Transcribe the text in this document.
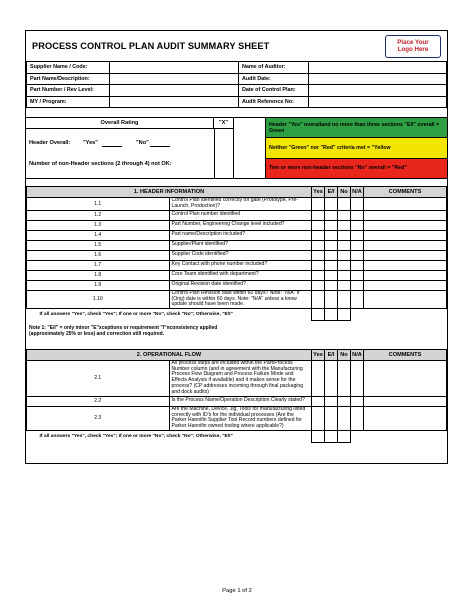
PROCESS CONTROL PLAN AUDIT SUMMARY SHEET	Place Your
Logo Here
Supplier Name / Code:		Name of Auditor:	
Part Name/Description:		Audit Date:	
Part Number / Rev Level:		Date of Control Plan:	
MY / Program:		Audit Reference No:	
Overall Rating	"X"
Header Overall: "Yes"	"No"
Number of non-Header sections (2 through 4) not OK:
Header "Yes" overalland no more than three sections "E/I" overall = Green
Neither "Green" nor "Red" criteria met = "Yellow
Two or more non-header sections "No" overall = "Red"
1. HEADER INFORMATION		Yes	E/I	No	N/A	COMMENTS
1.1	Control Plan identified correctly for gate (Prototype, Pre-Launch, Production)?					
1.2	Control Plan number identified					
1.3	Part Number, Engineering Change level included?					
1.4	Part name/Description included?					
1.5	Supplier/Plant identified?					
1.6	Supplier Code identified?					
1.7	Key Contact with phone number included?					
1.8	Core Team identified with department?					
1.9	Original Revision date identified?					
1.10	Control Plan Revision date within 60 days? Note: "N/A" if (Orig) date is within 60 days. Note: "N/A" unless a know update should have been made.					
If all answers "Yes", check "Yes"; If one or more "No", check "No"; Otherwise, "E/I"						
Note 1: "E/I" = only minor "E"xceptions or requirement "I"nconsistency applied
(approximately 25% or less) and correction still required.
2. OPERATIONAL FLOW		Yes	E/I	No	N/A	COMMENTS
2.1	All process steps are included within the Part/Process Number column (and in agreement with the Manufacturing Process Flow Diagram and Process Failure Mode and Effects Analysis if available) and it makes sense for the process? (CP addresses incoming through final packaging and dock audits)					
2.2	Is the Process Name/Operation Description Clearly stated?					
2.3	Are the Machine, Device, Jig, Tools for manufacturing listed correctly with ID's for the individual processes (Are the Parker Hannifin Supplier Tool Record numbers defined for Parker Hannifin owned tooling where applicable?)					
If all answers "Yes", check "Yes"; If one or more "No", check "No"; Otherwise, "E/I"						
Page 1 of 2
